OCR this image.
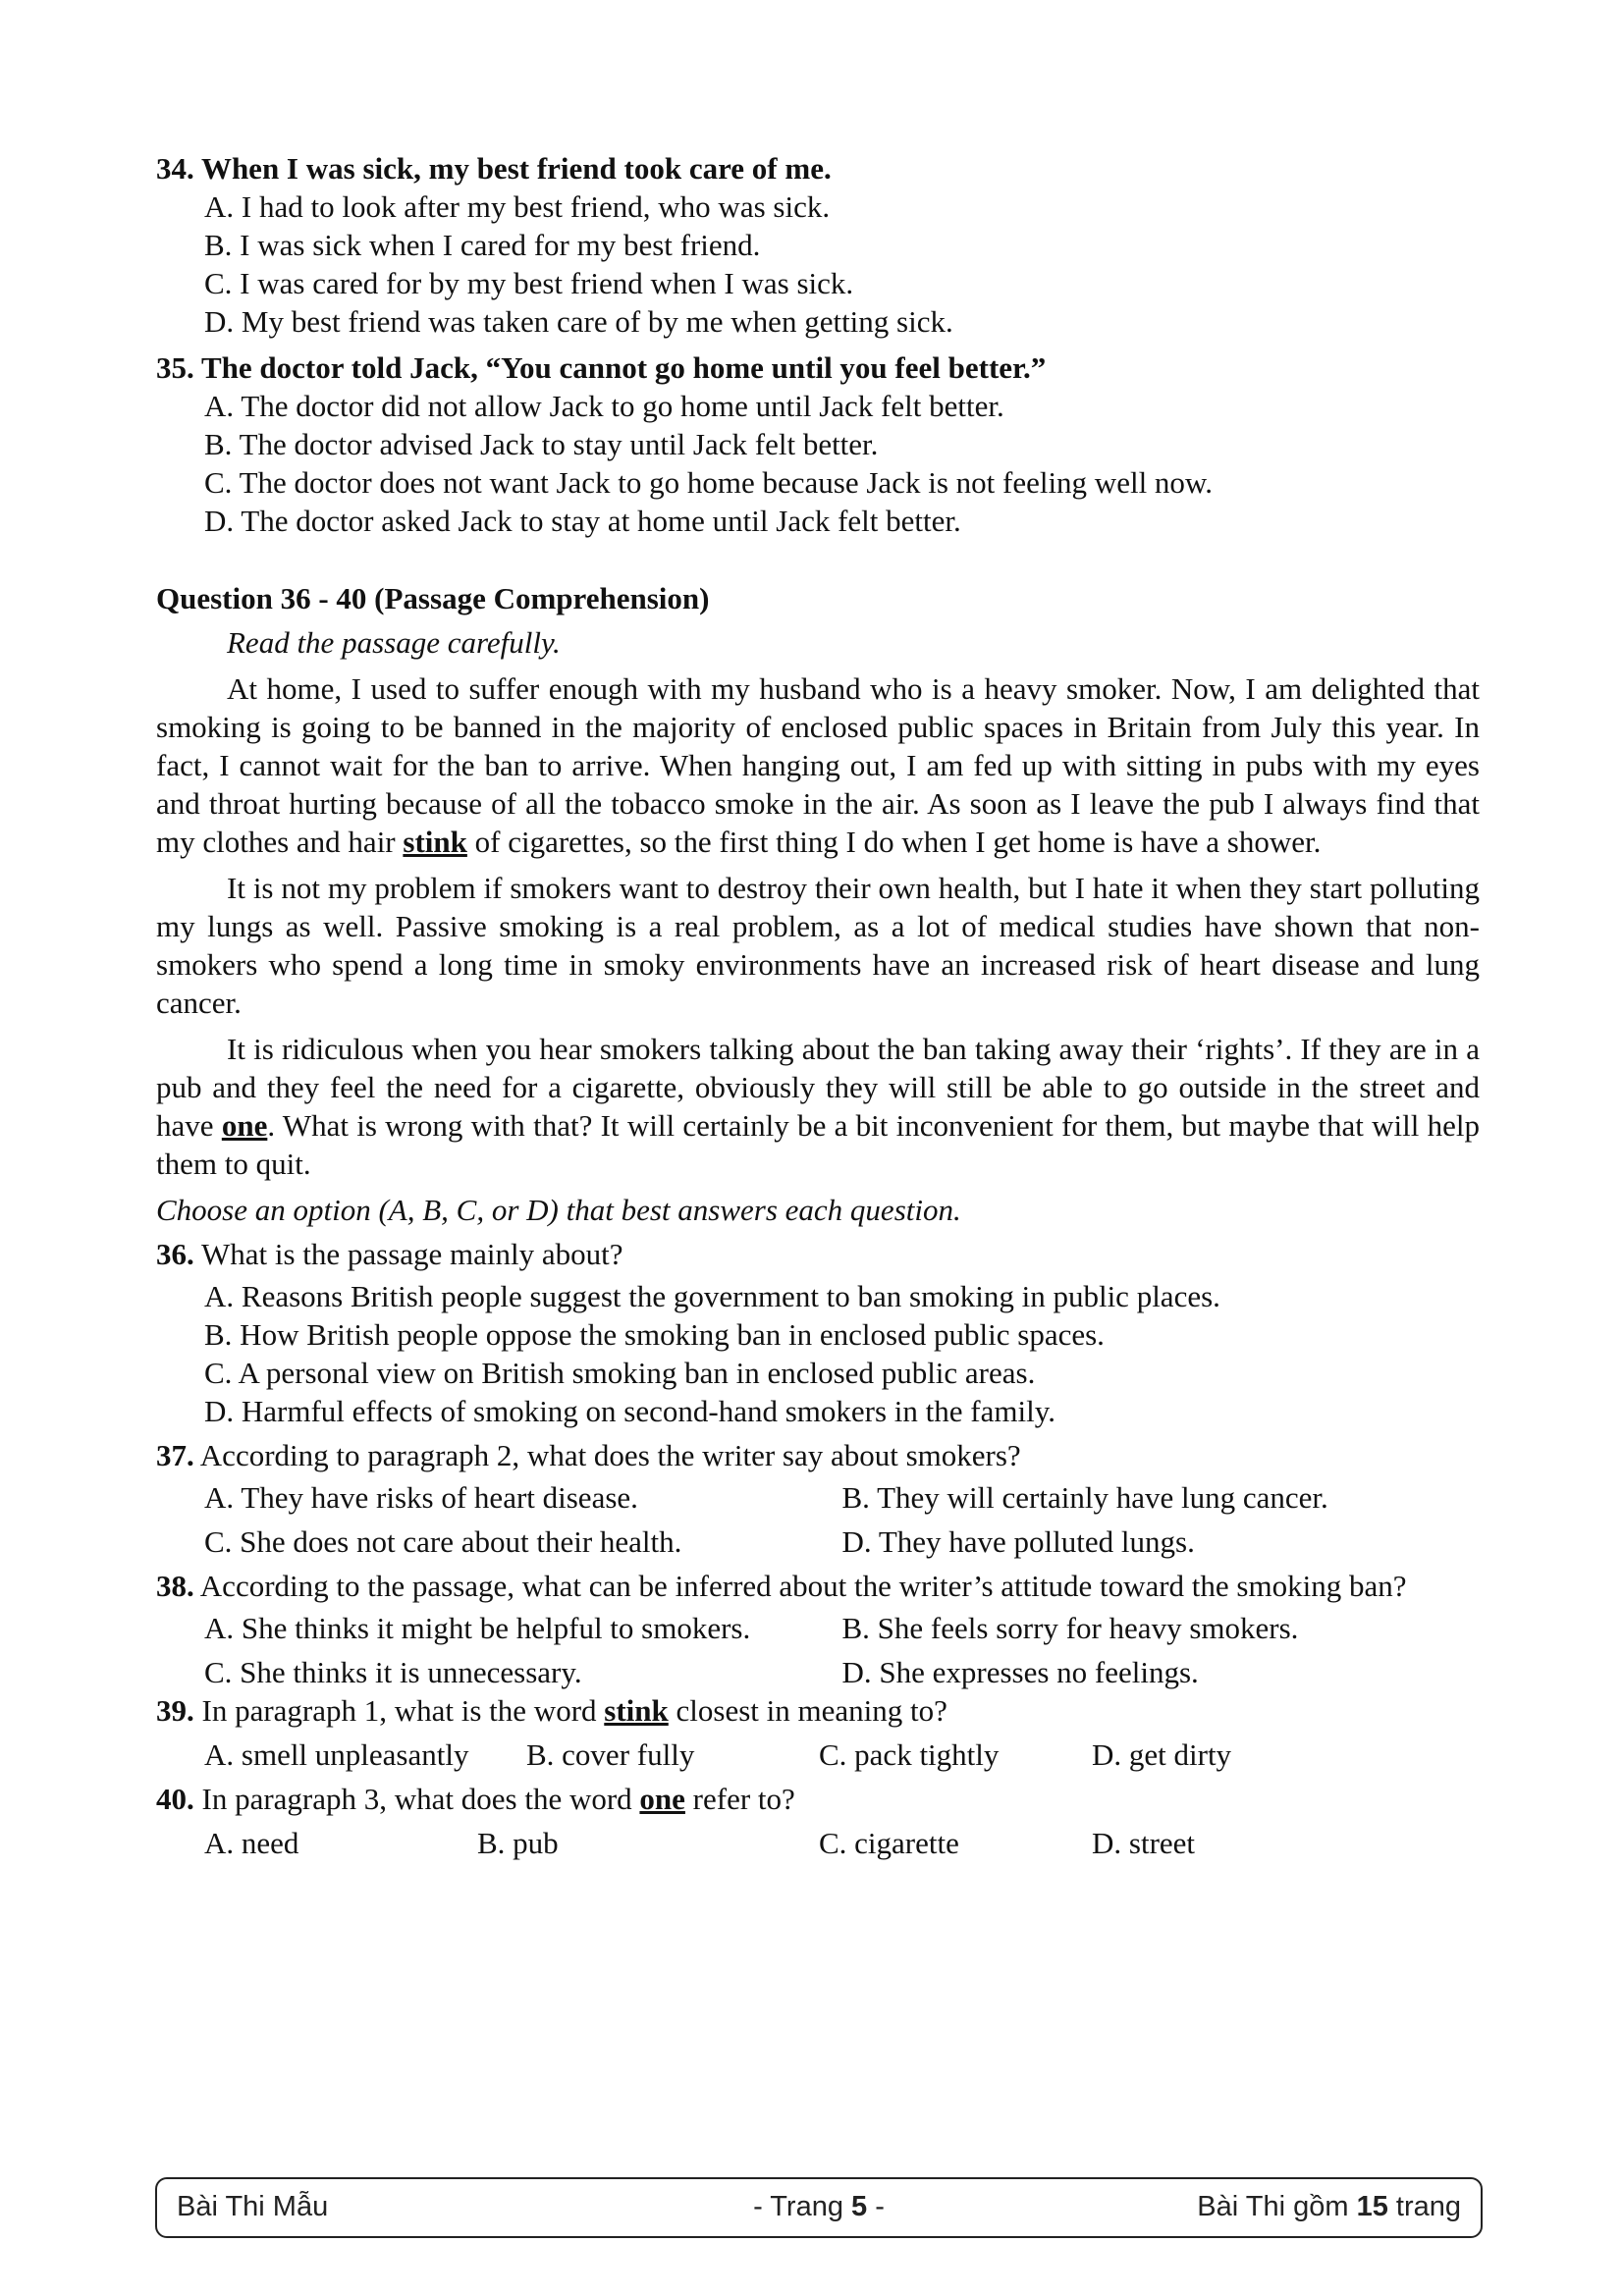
34. When I was sick, my best friend took care of me.

A. I had to look after my best friend, who was sick.

B. I was sick when I cared for my best friend.

C. I was cared for by my best friend when I was sick.

D. My best friend was taken care of by me when getting sick.

35. The doctor told Jack, “You cannot go home until you feel better.”

A. The doctor did not allow Jack to go home until Jack felt better.

B. The doctor advised Jack to stay until Jack felt better.

C. The doctor does not want Jack to go home because Jack is not feeling well now.

D. The doctor asked Jack to stay at home until Jack felt better.

Question 36 - 40 (Passage Comprehension)

Read the passage carefully.

At home, I used to suffer enough with my husband who is a heavy smoker. Now, I am delighted that smoking is going to be banned in the majority of enclosed public spaces in Britain from July this year. In fact, I cannot wait for the ban to arrive. When hanging out, I am fed up with sitting in pubs with my eyes and throat hurting because of all the tobacco smoke in the air. As soon as I leave the pub I always find that my clothes and hair stink of cigarettes, so the first thing I do when I get home is have a shower.

It is not my problem if smokers want to destroy their own health, but I hate it when they start polluting my lungs as well. Passive smoking is a real problem, as a lot of medical studies have shown that non-smokers who spend a long time in smoky environments have an increased risk of heart disease and lung cancer.

It is ridiculous when you hear smokers talking about the ban taking away their ‘rights’. If they are in a pub and they feel the need for a cigarette, obviously they will still be able to go outside in the street and have one. What is wrong with that? It will certainly be a bit inconvenient for them, but maybe that will help them to quit.

Choose an option (A, B, C, or D) that best answers each question.

36. What is the passage mainly about?

A. Reasons British people suggest the government to ban smoking in public places.

B. How British people oppose the smoking ban in enclosed public spaces.

C. A personal view on British smoking ban in enclosed public areas.

D. Harmful effects of smoking on second-hand smokers in the family.

37. According to paragraph 2, what does the writer say about smokers?

A. They have risks of heart disease.	B. They will certainly have lung cancer.
C. She does not care about their health.	D. They have polluted lungs.

38. According to the passage, what can be inferred about the writer’s attitude toward the smoking ban?

A. She thinks it might be helpful to smokers.	B. She feels sorry for heavy smokers.
C. She thinks it is unnecessary.	D. She expresses no feelings.

39. In paragraph 1, what is the word stink closest in meaning to?

A. smell unpleasantly	B. cover fully	C. pack tightly	D. get dirty

40. In paragraph 3, what does the word one refer to?

A. need	B. pub	C. cigarette	D. street
Bài Thi Mẫu	- Trang 5 -	Bài Thi gồm 15 trang
